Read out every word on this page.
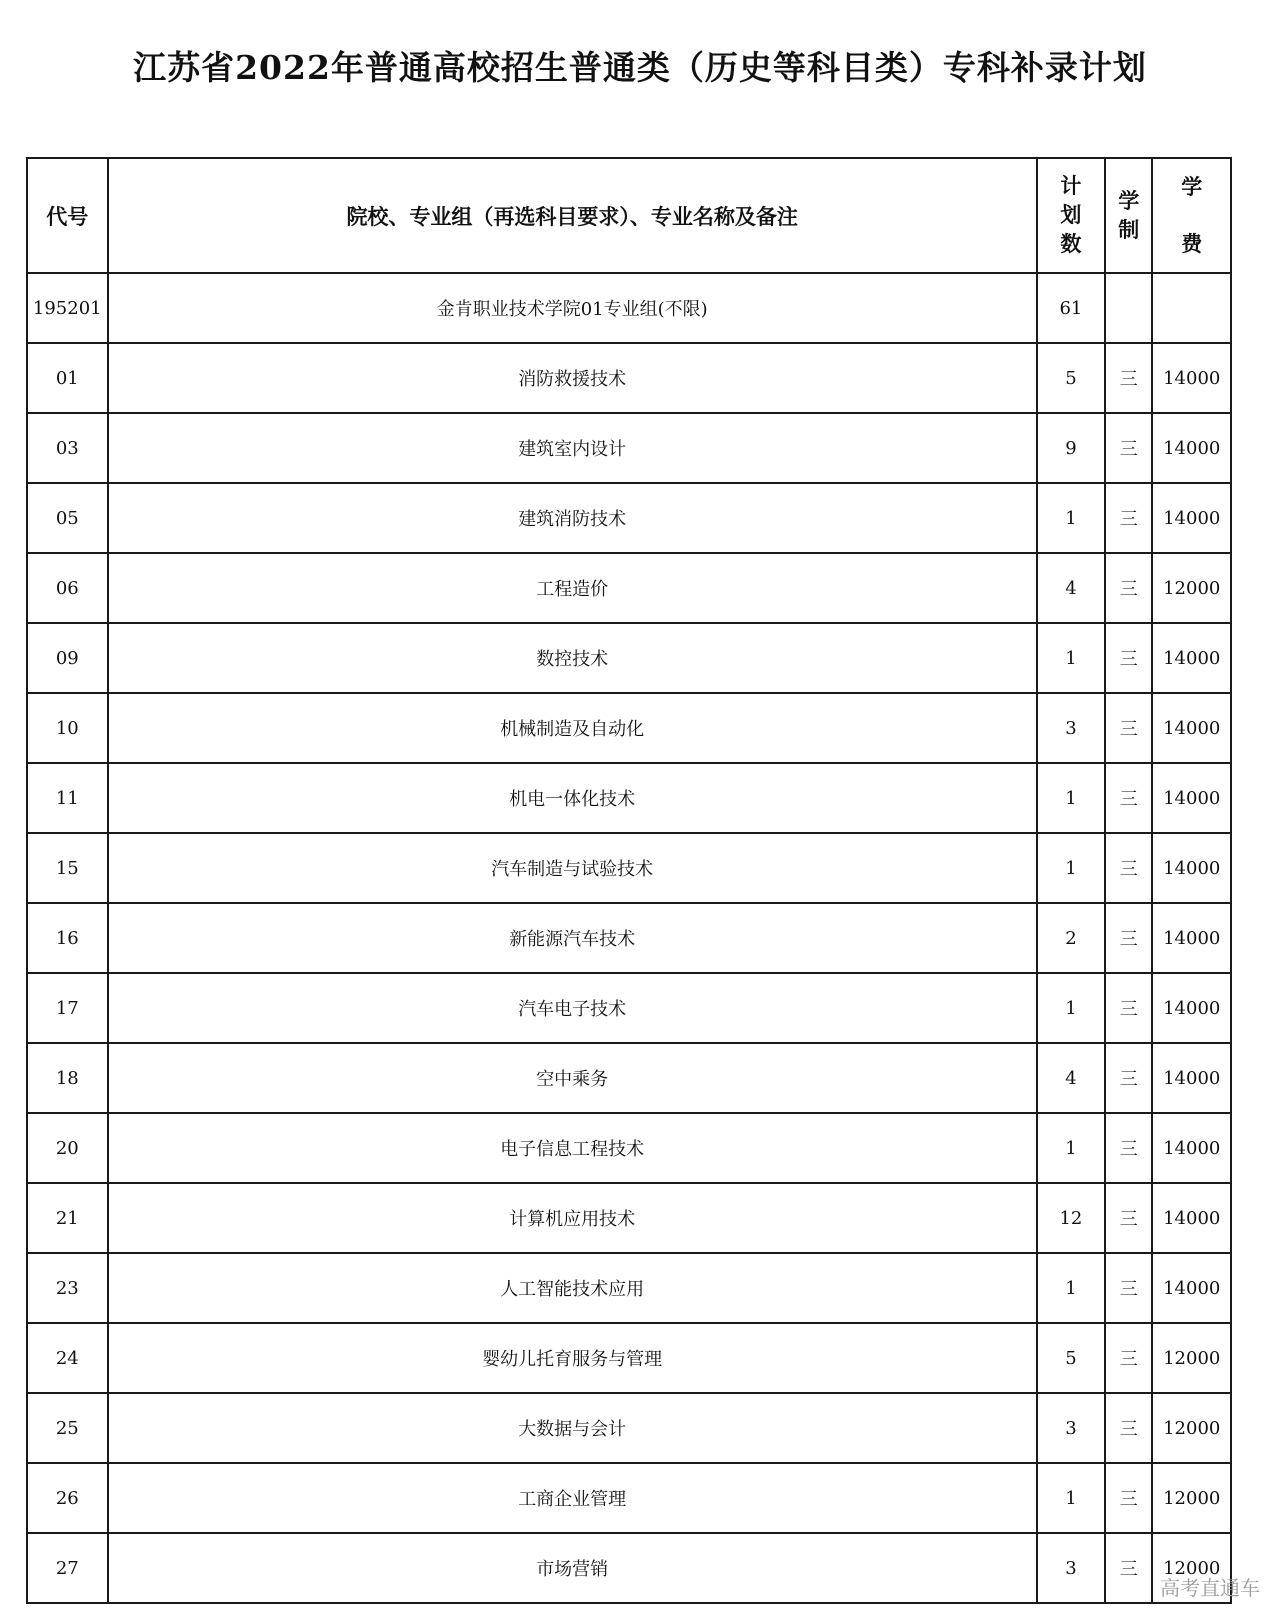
江苏省2022年普通高校招生普通类（历史等科目类）专科补录计划
代号	院校、专业组（再选科目要求）、专业名称及备注	计划数	学制	学费
195201	金肯职业技术学院01专业组(不限)	61		
01	消防救援技术	5	三	14000
03	建筑室内设计	9	三	14000
05	建筑消防技术	1	三	14000
06	工程造价	4	三	12000
09	数控技术	1	三	14000
10	机械制造及自动化	3	三	14000
11	机电一体化技术	1	三	14000
15	汽车制造与试验技术	1	三	14000
16	新能源汽车技术	2	三	14000
17	汽车电子技术	1	三	14000
18	空中乘务	4	三	14000
20	电子信息工程技术	1	三	14000
21	计算机应用技术	12	三	14000
23	人工智能技术应用	1	三	14000
24	婴幼儿托育服务与管理	5	三	12000
25	大数据与会计	3	三	12000
26	工商企业管理	1	三	12000
27	市场营销	3	三	12000
高考直通车
